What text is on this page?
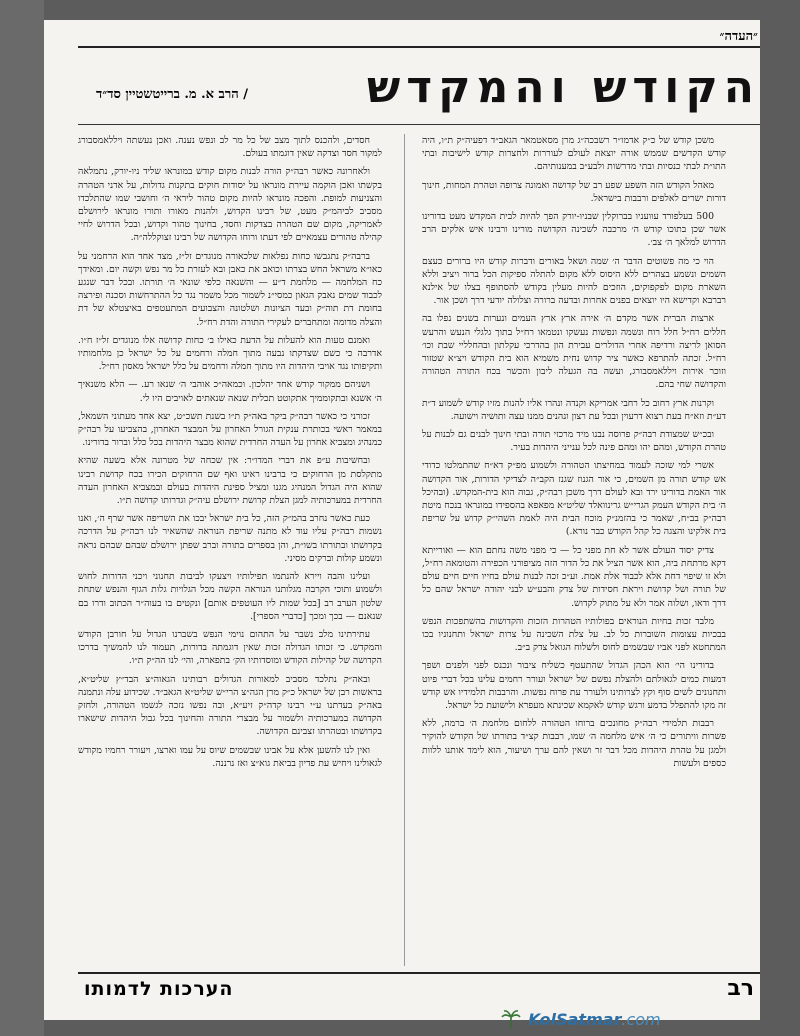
״העדה״
הקודש והמקדש
/ הרב א. מ. ברייטשטיין סד״ד

משכן קודש של כ״ק אדמו״ר רשבכה״ג מרן מסאטמאר הגאב״ד דפעיה״ק ת״ו, היה קודש הקדשים שממש אורה יוצאת לעולם לעוררות ולחצרות קודש לישיבות ובתי התו״ת לבתי כנסיות ובתי מדרשות ולבע״ב במענותיהם.

מאהל הקודש הזה השפע שפע רב של קדושה ואמונה צרופה וטהרת המחות, חינוך דורות ישרים לאלפים ורבבות בישראל.

500 בעלפורד עוועניו בברוקלין שבניו-יורק הפך להיות לבית המקדש מעט בדורינו אשר שכן בתוכו קודש ה׳ מרכבה לשכינה הקדושה מורינו ורבינו איש אלקים הרב הדרוש למלאך ה׳ צב׳.

הוי כי מה פשוטים הדבר ה׳ שמה ושאל באורים ודברות קודש היו ברורים כעצם השמים ונשמע בצהרים ללא היסוס ללא מקום להתלה ספיקות הכל ברור ויציב וללא השארת מקום לפקפוקים, הוזכים להיות מעלין בקודש להסתופף בצלו של אילנא רברבא וקדישא היו יוצאים בפנים אחרות ובדעה ברורה וצלולה יודעי דרך ושכן אור.

ארצות הברית אשר מקדם ה׳ אירה ארץ ארץ העמים ונערות בשנים נפלו בה חללים רח״ל חלל רוח ונשמה ונפשות נעשקו ונטמאו רח״ל בתוך גלגלי הנעש והרעש הסואן לריצה ורדיפה אחרי הדולרים עבירת הון בהדרכי עקלתון ובהחלליי שבת וכו׳ רח״ל. זכתה להתרפא כאשר ציר קדוש נחית משמיא הוא בית הקודש ויצ״א שטזור וזוכר אירות ויללאמסבורג, ועשה בה הגעלה ליבון והכשר בכח התורה הטהורה והקדושה שחי בהם.

וקרנות ארץ רחוב כל רחבי אמריקא וקנדה ונהרו אליו להנות מזיו קודש לשמוע ד״ת דע״ת וזא״ח בעת רצוא דרעוין ובכל עת רצון ונהנים ממנו עצה ותושיה וישועה.

ובכ״ש שמצודת רבה״ק פרוסה נבנו מיד מרכזי תורה ובתי חינוך לבנים גם לבנות על טהרת הקודש, ומהם יהו ומהם פינה לכל ענייני היהדות בעיר.

אשרי למי שזכה לעמוד במחיצתו הטהורה ולשמוע מפ״ק דא״ח שהתמלטו כדודי אש קודש תורה מן השמים, כי אור הגנוז שגנז הקב״ה לצדיקי הדורות, אור הקדושה אור האמת בדורינו ירד ובא לעולם דרך משכן רבה״ק, גבוה הוא בית-המקדש. (ובהיכל ה׳ בית הקודש העמק הגרי״ש גרינוואלד שליט״א מפאפא בהספידו במונראו בנכח מיטת רבה״ק בב״ח, שאמר כי בהזמנ״ק מוכח הבית היה לאמת השהי״ק קדוש על שריפת בית אלקינו והצגה כל קהל הקודש כבר נורא.)

צדיק יסוד העולם אשר לא חת מפני כל — כי מפני משה נחתם הוא — ואורייתא דקא מרתחת ביה, הוא אשר הציל את כל הדור הזה מציפורני הכפירה והטומאה רח״ל, ולא זו שיפוי דחת אלא לכבוד אלת אמת. וע״כ זכה לבנות עולם בחייו חיים חיים עולם של תורה ושל קדושת ויראת חסידות של צדק והבע״ש לבני יהודה ישראל שהם כל דרך ודאו, ושלוה אמר ולא על מתוק לקדוש.

מלבד זכות בחיות הנוראים בפולותיו הטהרות הזכות והקדושות בהשתפכות הנפש בבכיות עצומות השוברות כל לב. על צלת השכינה על צרות ישראל ותחנוניו בכו המתחטא לפני אביו שבשמים לחוס ולשלוח הגואל צדק ב״ב.

בדורינו הי׳ הוא הכהן הגדול שהתעטף כשליח ציבור ונכנס לפני ולפנים ושפך דמעות כמים לגאולתם ולהצלת נפשם של ישראל ועורר רחמים עלינו בכל דברי פיוט ותחנונים לשים סוף וקץ לצרותינו ולעורר עת פרוח נפשות. והרבבות תלמידיו אש קודש זה מקו להתפלל בדמע ורגש קודש לאקמא שכינתא מעפרא ולישועת כל ישראל.

רבבות תלמידי רבה״ק מחונכים ברוחו הטהורה ללחום מלחמת ה׳ ברמה, ללא פשרות וויתורים כי ה׳ איש מלחמה ה׳ שמו, רבבות קצ״ד בתורתו של הקודש להוקיר ולמגן על טהרת היהדות מכל דבר זר ושאין להם ערך ושיעור, הוא לימד אותנו ללוות כספים ולעשות

חסדים, ולהכנס לתוך מצב של כל מר לב ונפש נענה. ואכן נעשתה ויללאמסבורג למקור חסד וצדקה שאין דוגמתו בעולם.

ולאחרונה כאשר רבה״ק הורה לבנות מקום קודש במונראו שליד ניו-יורק, נתמלאה בקשתו ואכן הוקמה עיירת מונראו על יסודות חוקים בתקנות גדולות, על אדני הטהרה והצניעות למופת. והפכה מונראו להיות מקום טהור ליראי ה׳ וחושבי שמו שהתלכדו מסביב לביהמ״ק מעט, של רבינו הקדוש, ולהנות מאורו ותורו מונראו לירושלם לאמריקה, מקום שם הטהרה בצדקות וחסד, בחינוך טהור וקדוש, ובכל הדרוש לחיי קהילה טהורים עצמאיים לפי דעתו ורוחו הקדושה של רבינו זצוקללה״ה.

ברבה״ק נתגבשו כחות נפלאות שלכאורה מנוגדים זל״ז, מצד אחד הוא הרחמני על כאו״א משראל החש בצרתו וכואב את כאבן ובא לעזרת כל מר נפש וקשה יום. ומאידך כח המלחמה — מלחמת ד״ע — והשנאה כלפי שונאי ה׳ תורתו. ובכל דבר שנגע לכבוד שמים נאבק הגאון כמסי״נ לשמור מכל משמר נגד כל ההתרחשות וסכנה ופירצה בחומת דת תוה״ק ובעד הציונות ושלטונה והצבועים המתעטפים באיצטלא של דת והצלה מדומה ומתחברים לעקירי התורה והדת רח״ל.

ואמנם טעות הוא להעלות על הדעת כאילו ב׳ כחות קדושה אלו מנוגדים זל״ז ח״ו. אדרבה כי כשם שצדקתו נבעה מתוך חמלה ורחמים על כל ישראל כן מלחמותיו ותקיפותו נגד אויבי היהדות היו מתוך חמלה ורחמים על כלל ישראל מאסון רח״ל.

ושניהם ממקור קודש אחד יהלכון. וכמאה״כ אוהבי ה׳ שנאו רע. — הלא משנאיך ה׳ אשנא ובתקוממיך אתקוטט תכלית שנאה שנאתים לאויבים היו לי.

זכורני כי כאשר רבה״ק ביקר באה״ק ת״ו בשנת תשכ״ט, יצא אחד מעתוני השמאל, במאמר ראשי בכותרת ענקית הגורל האחרון על המבצר האחרון, בהצביעו על רבה״ק כמנהיג ומצביא אחרון על העדה החרדית שהוא מבצר היהדות בכל כלל וברור בדורינו.

ובחשיבות ע״פ את דברי המדו״ר: אין שכחה של מטרונה אלא בשעה שהיא מתקלסת מן הרחוקים כי ברבינו ראינו ואף שם הרחוקים הכירו בכח קדושת רבינו שהוא היה הגדול המנהיג מגנו ומציל ספינת היהדות בעולם ובמצביא האחרון העדה החרדית במערכותיה למגן הצלת קדושת ירושלם עיה״ק וגדרותו קדושה ת״ו.

כעת כאשר נחרב בהמ״ק הזה, כל בית ישראל יבכו את השריפה אשר שרף ה׳, ואנו נשמות רבה״ק עליו עוד לא מתנה שריפת הנוראה שהשאיר לנו רבה״ק על הדרכה בקדושתו ובתורתו בשו״ת, והן בספרים בתורה וברב שפתן ירושלם שבהם שבהם נראה ונשמע קולות וברקים מסיני.

ועלינו והבה ויירא להנתמו תפילותיו ויצעקו לביבות תחנוני ויכני הדורות לחוש ולשמוע ותוכי הקרבה מגלותנו הנוראה הקשה מכל הגלויות גלות הגוף והנפש שתחת שלטון הערב רב [בכל שמות ליו העוטפים אותם] ונקטים בו בעוה״ר הכתוב ודרו בם שנאנם — בכך ומכך [כדברי הספרי].

עתירתינו מלב נשבר על התהום נוימי הנפש בשברנו הגדול על חורבן הקודש והמקדש. כי זכותו הגדולה זכות שאין דוגמתה בדורות, תעמוד לנו להמשיך בדרכו הקדושה של קהילות הקודש ומוסדותיו הק׳ בתפארה, והי׳ לנו הה״ק ת״ו.

ובאה״ק נתלכד מסביב למאורות הגדולים רבותינו הגאוה״צ הבד״ץ שליט״א, בראשות רבן של ישראל כ״ק מרן הגה״צ הרי״ש שליט״א הגאב״ד. שכידוע עלה ונתמנה באה״ק בעדתנו ע״י רבינו קדה״ק זיע״א, ובה נפשו נזכה לגשמו הטהורה, ולחזק הקדושה במערכותיה ולשמור על מבצרי התורה והחינוך בכל גבול היהדות שישארו בקדושתו ובטהרתו זצבינם הקדושה.

ואין לנו להשען אלא על אבינו שבשמים שיוס על עמו וארצו, ויעורר רחמיו מקודש לגאולינו ויחיש עת פדיון בביאת גוא״צ ואז נרננה.

רב
הערכות לדמותו
KolSatmar.com
